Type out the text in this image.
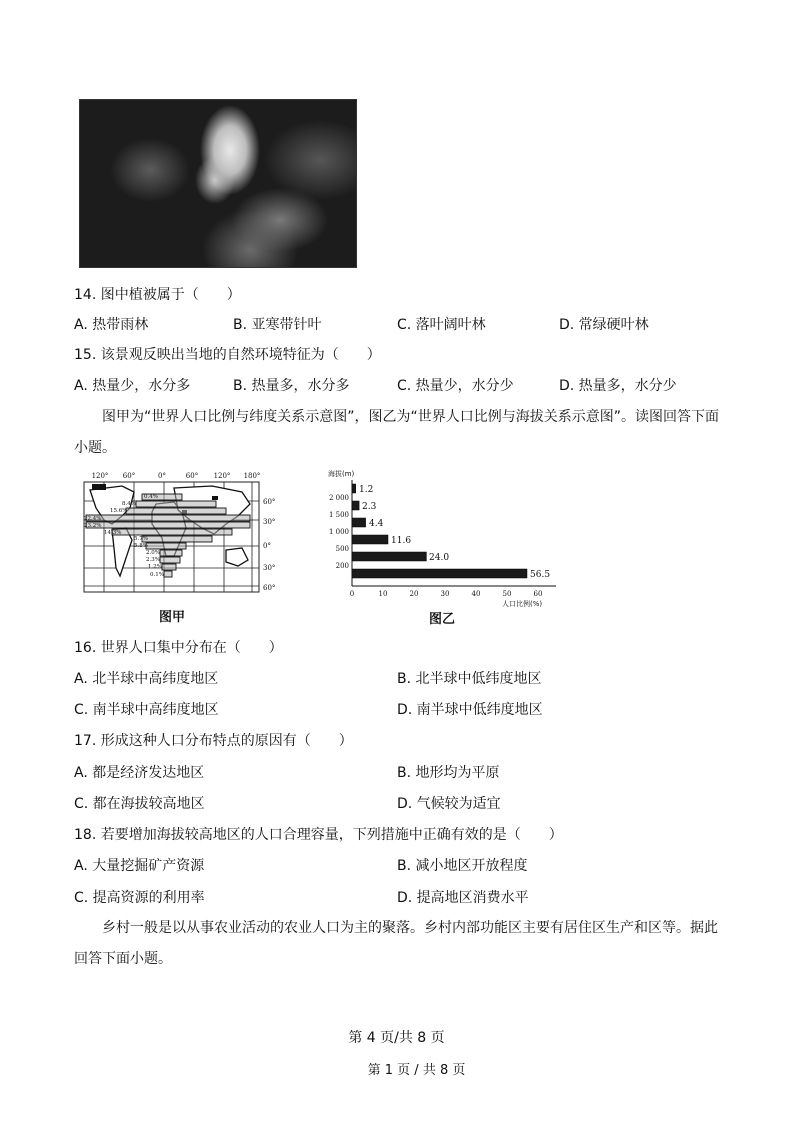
14. 图中植被属于（　　）
A. 热带雨林	B. 亚寒带针叶	C. 落叶阔叶林	D. 常绿硬叶林
15. 该景观反映出当地的自然环境特征为（　　）
A. 热量少，水分多	B. 热量多，水分多	C. 热量少，水分少	D. 热量多，水分少
图甲为“世界人口比例与纬度关系示意图”，图乙为“世界人口比例与海拔关系示意图”。读图回答下面小题。
0.4%
8.4%
15.6%
22.4%
23.2%
14.3%
5.7%
5.8%
2.0%
2.3%
1.2%
0.1%
120° 60°	0°	60° 120° 180°
60°
30°
0°
30°
60°
图甲
海拔(m)
2 000
1 500
1 000
500
200
1.2
2.3
4.4
11.6
24.0
56.5
0	10	20	30	40	50	60
人口比例(%)
图乙
16. 世界人口集中分布在（　　）
A. 北半球中高纬度地区	B. 北半球中低纬度地区
C. 南半球中高纬度地区	D. 南半球中低纬度地区
17. 形成这种人口分布特点的原因有（　　）
A. 都是经济发达地区	B. 地形均为平原
C. 都在海拔较高地区	D. 气候较为适宜
18. 若要增加海拔较高地区的人口合理容量，下列措施中正确有效的是（　　）
A. 大量挖掘矿产资源	B. 减小地区开放程度
C. 提高资源的利用率	D. 提高地区消费水平
乡村一般是以从事农业活动的农业人口为主的聚落。乡村内部功能区主要有居住区生产和区等。据此回答下面小题。
第 4 页/共 8 页
第 1 页 / 共 8 页
